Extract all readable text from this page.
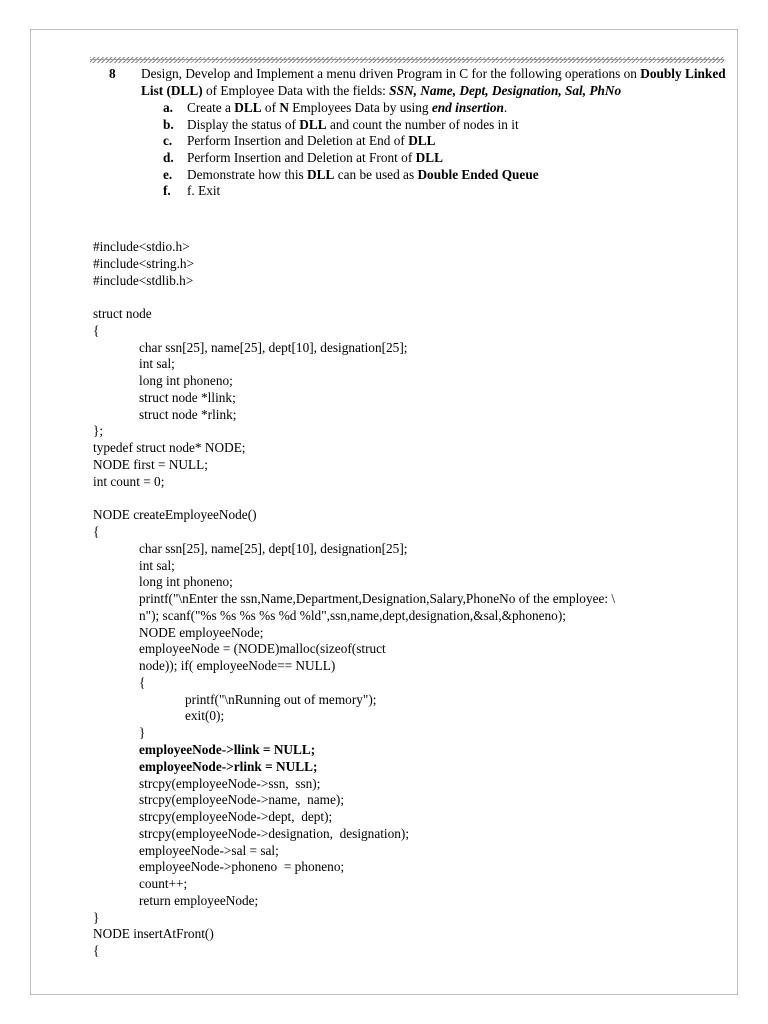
8 Design, Develop and Implement a menu driven Program in C for the following operations on Doubly Linked List (DLL) of Employee Data with the fields: SSN, Name, Dept, Designation, Sal, PhNo
a. Create a DLL of N Employees Data by using end insertion.
b. Display the status of DLL and count the number of nodes in it
c. Perform Insertion and Deletion at End of DLL
d. Perform Insertion and Deletion at Front of DLL
e. Demonstrate how this DLL can be used as Double Ended Queue
f. f. Exit
#include<stdio.h>
#include<string.h>
#include<stdlib.h>
struct node
{
char ssn[25], name[25], dept[10], designation[25];
int sal;
long int phoneno;
struct node *llink;
struct node *rlink;
};
typedef struct node* NODE;
NODE first = NULL;
int count = 0;
NODE createEmployeeNode()
{
char ssn[25], name[25], dept[10], designation[25];
int sal;
long int phoneno;
printf("\nEnter the ssn,Name,Department,Designation,Salary,PhoneNo of the employee: \
n"); scanf("%s %s %s %s %d %ld",ssn,name,dept,designation,&sal,&phoneno);
NODE employeeNode;
employeeNode = (NODE)malloc(sizeof(struct
node)); if( employeeNode== NULL)
{
printf("\nRunning out of memory");
exit(0);
}
employeeNode->llink = NULL;
employeeNode->rlink = NULL;
strcpy(employeeNode->ssn,  ssn);
strcpy(employeeNode->name,  name);
strcpy(employeeNode->dept,  dept);
strcpy(employeeNode->designation,  designation);
employeeNode->sal = sal;
employeeNode->phoneno  = phoneno;
count++;
return employeeNode;
}
NODE insertAtFront()
{
